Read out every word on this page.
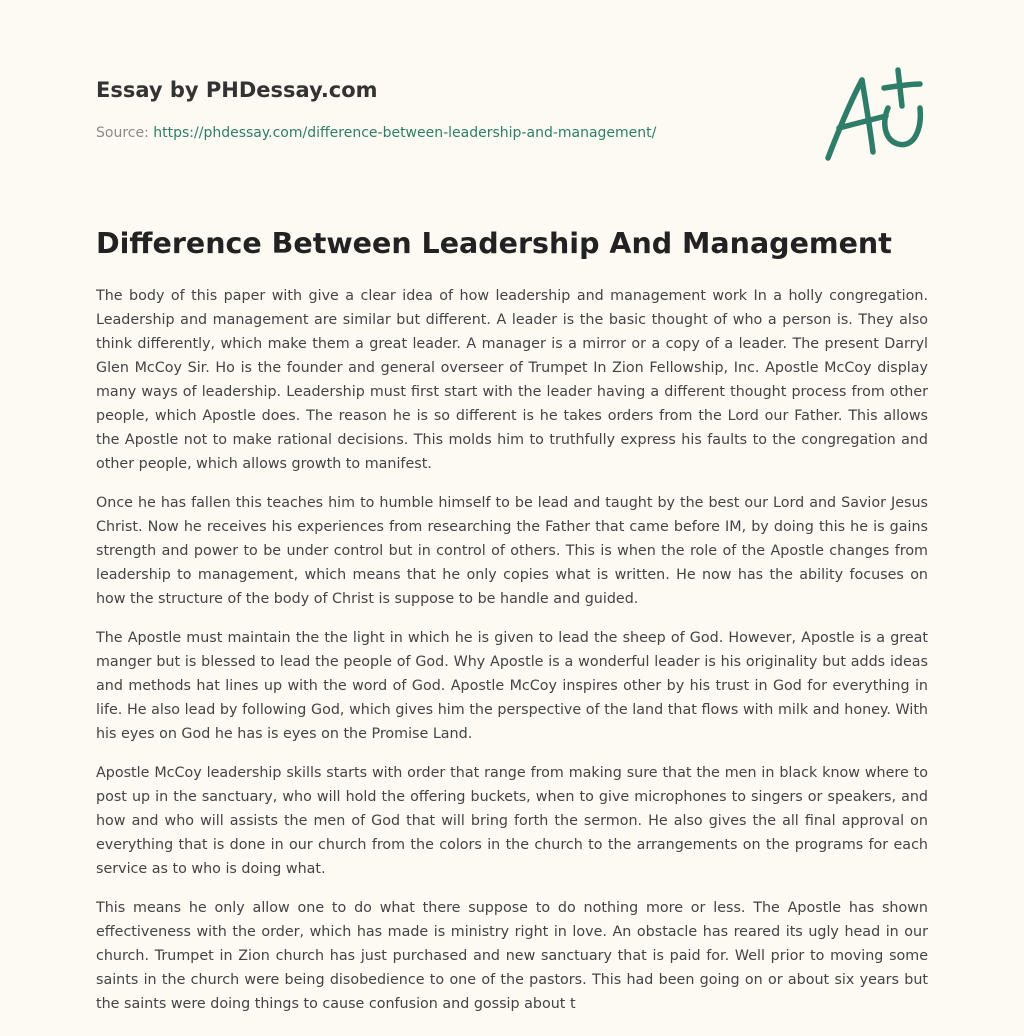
Essay by PHDessay.com
Source: https://phdessay.com/difference-between-leadership-and-management/
Difference Between Leadership And Management

The body of this paper with give a clear idea of how leadership and management work In a holly congregation. Leadership and management are similar but different. A leader is the basic thought of who a person is. They also think differently, which make them a great leader. A manager is a mirror or a copy of a leader. The present Darryl Glen McCoy Sir. Ho is the founder and general overseer of Trumpet In Zion Fellowship, Inc. Apostle McCoy display many ways of leadership. Leadership must first start with the leader having a different thought process from other people, which Apostle does. The reason he is so different is he takes orders from the Lord our Father. This allows the Apostle not to make rational decisions. This molds him to truthfully express his faults to the congregation and other people, which allows growth to manifest.

Once he has fallen this teaches him to humble himself to be lead and taught by the best our Lord and Savior Jesus Christ. Now he receives his experiences from researching the Father that came before IM, by doing this he is gains strength and power to be under control but in control of others. This is when the role of the Apostle changes from leadership to management, which means that he only copies what is written. He now has the ability focuses on how the structure of the body of Christ is suppose to be handle and guided.

The Apostle must maintain the the light in which he is given to lead the sheep of God. However, Apostle is a great manger but is blessed to lead the people of God. Why Apostle is a wonderful leader is his originality but adds ideas and methods hat lines up with the word of God. Apostle McCoy inspires other by his trust in God for everything in life. He also lead by following God, which gives him the perspective of the land that flows with milk and honey. With his eyes on God he has is eyes on the Promise Land.

Apostle McCoy leadership skills starts with order that range from making sure that the men in black know where to post up in the sanctuary, who will hold the offering buckets, when to give microphones to singers or speakers, and how and who will assists the men of God that will bring forth the sermon. He also gives the all final approval on everything that is done in our church from the colors in the church to the arrangements on the programs for each service as to who is doing what.

This means he only allow one to do what there suppose to do nothing more or less. The Apostle has shown effectiveness with the order, which has made is ministry right in love. An obstacle has reared its ugly head in our church. Trumpet in Zion church has just purchased and new sanctuary that is paid for. Well prior to moving some saints in the church were being disobedience to one of the pastors. This had been going on or about six years but the saints were doing things to cause confusion and gossip about t
